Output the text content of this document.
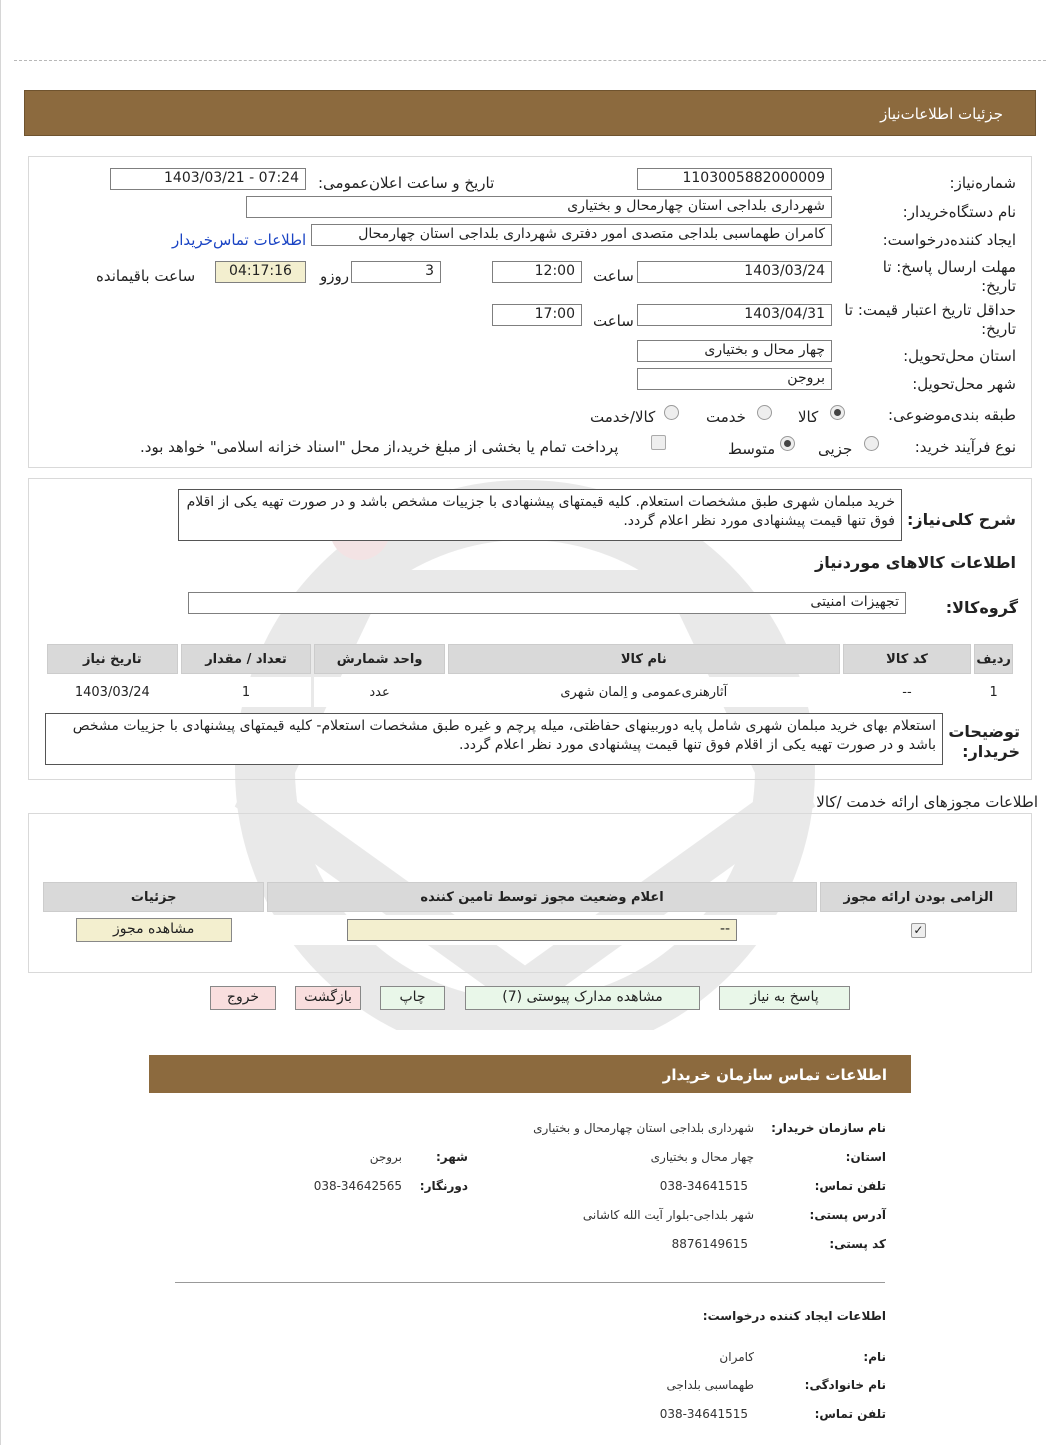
جزئیات اطلاعات‌نیاز
شماره‌نیاز:
1103005882000009
تاریخ و ساعت اعلان‌عمومی:
1403/03/21 - 07:24
نام دستگاه‌خریدار:
شهرداری بلداجی استان چهارمحال و بختیاری
ایجاد کننده‌درخواست:
کامران طهماسبی بلداجی متصدی امور دفتری شهرداری بلداجی استان چهارمحال
اطلاعات تماس‌خریدار
مهلت ارسال پاسخ: تا تاریخ:
1403/03/24
ساعت
12:00
3
روزو
04:17:16
ساعت باقیمانده
حداقل تاریخ اعتبار قیمت: تا تاریخ:
1403/04/31
ساعت
17:00
استان محل‌تحویل:
چهار محال و بختیاری
شهر محل‌تحویل:
بروجن
طبقه بندی‌موضوعی:
کالا
خدمت
کالا/خدمت
نوع فرآیند خرید:
جزیی
متوسط
پرداخت تمام یا بخشی از مبلغ خرید،از محل "اسناد خزانه اسلامی" خواهد بود.
شرح کلی‌نیاز:
خرید مبلمان شهری طبق مشخصات استعلام. کلیه قیمتهای پیشنهادی با جزییات مشخص باشد و در صورت تهیه یکی از اقلام فوق تنها قیمت پیشنهادی مورد نظر اعلام گردد.
اطلاعات کالاهای موردنیاز
گروه‌کالا:
تجهیزات امنیتی
ردیف	کد کالا	نام کالا	واحد شمارش	تعداد / مقدار	تاریخ نیاز
1	--	آثارهنری‌عمومی و اِلمان شهری	عدد	1	1403/03/24
توضیحات خریدار:
استعلام بهای خرید مبلمان شهری شامل پایه دوربینهای حفاظتی، میله پرچم و غیره طبق مشخصات استعلام- کلیه قیمتهای پیشنهادی با جزییات مشخص باشد و در صورت تهیه یکی از اقلام فوق تنها قیمت پیشنهادی مورد نظر اعلام گردد.
اطلاعات مجوزهای ارائه خدمت /کالا
الزامی بودن ارائه مجوز	اعلام وضعیت مجوز توسط تامین کننده	جزئیات
✓	--	مشاهده مجوز
پاسخ به نیاز
مشاهده مدارک پیوستی (7)
چاپ
بازگشت
خروج
اطلاعات تماس سازمان خریدار
نام سازمان خریدار:
شهرداری بلداجی استان چهارمحال و بختیاری
استان:
چهار محال و بختیاری
شهر:
بروجن
تلفن تماس:
038-34641515
دورنگار:
038-34642565
آدرس پستی:
شهر بلداجی-بلوار آیت الله کاشانی
کد پستی:
8876149615
اطلاعات ایجاد کننده درخواست:
نام:
کامران
نام خانوادگی:
طهماسبی بلداجی
تلفن تماس:
038-34641515
